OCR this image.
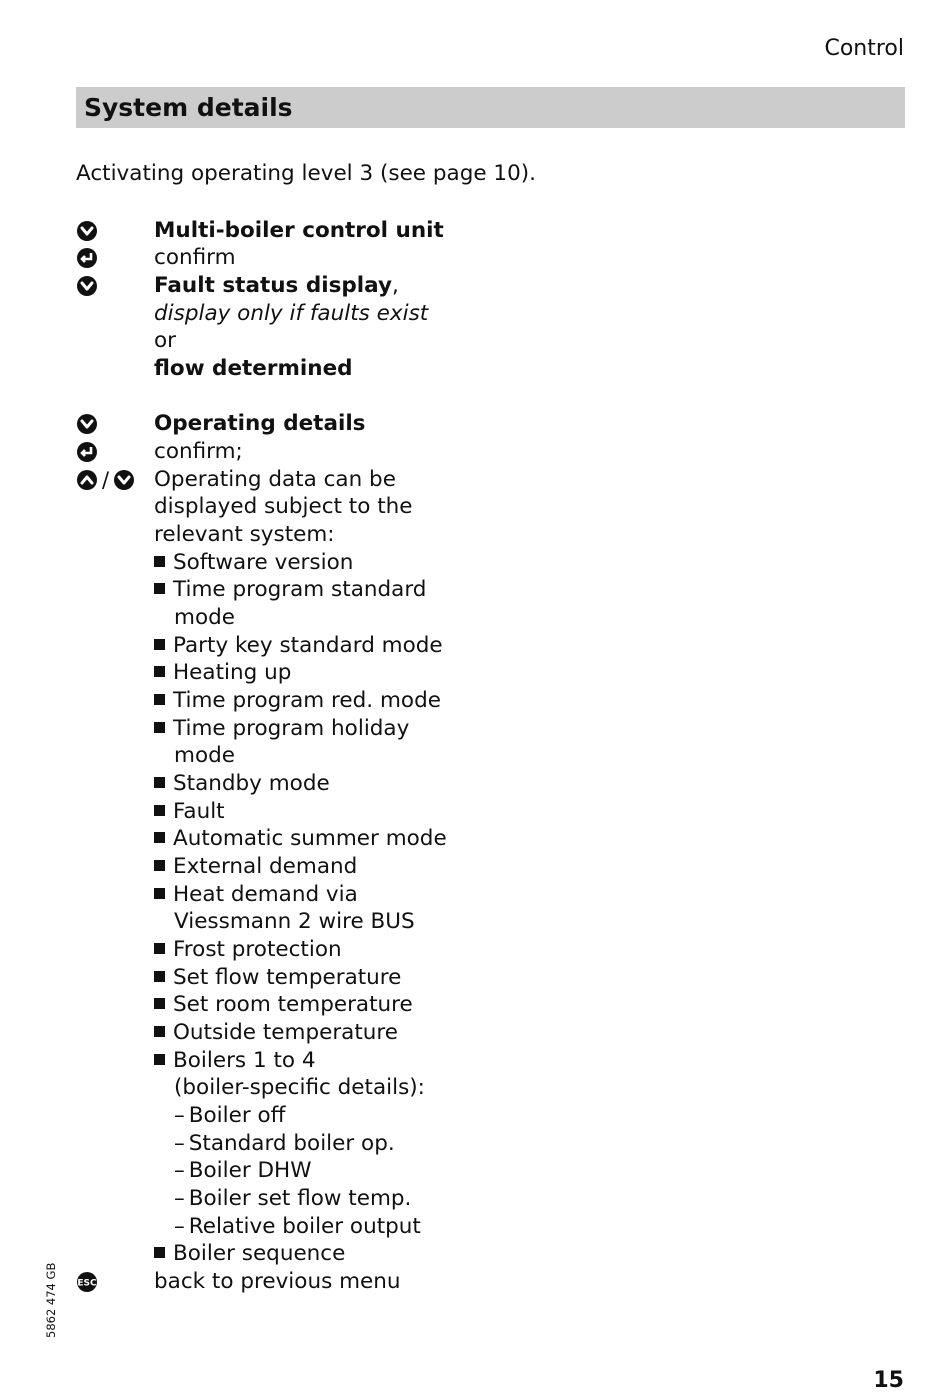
Control
System details
Activating operating level 3 (see page 10).
Multi-boiler control unit
confirm
Fault status display,
display only if faults exist
or
flow determined
Operating details
confirm;
/ Operating data can be
displayed subject to the
relevant system:
Software version
Time program standard
mode
Party key standard mode
Heating up
Time program red. mode
Time program holiday
mode
Standby mode
Fault
Automatic summer mode
External demand
Heat demand via
Viessmann 2 wire BUS
Frost protection
Set flow temperature
Set room temperature
Outside temperature
Boilers 1 to 4
(boiler-specific details):
– Boiler off
– Standard boiler op.
– Boiler DHW
– Boiler set flow temp.
– Relative boiler output
Boiler sequence
ESC	back to previous menu
5862 474 GB
15
